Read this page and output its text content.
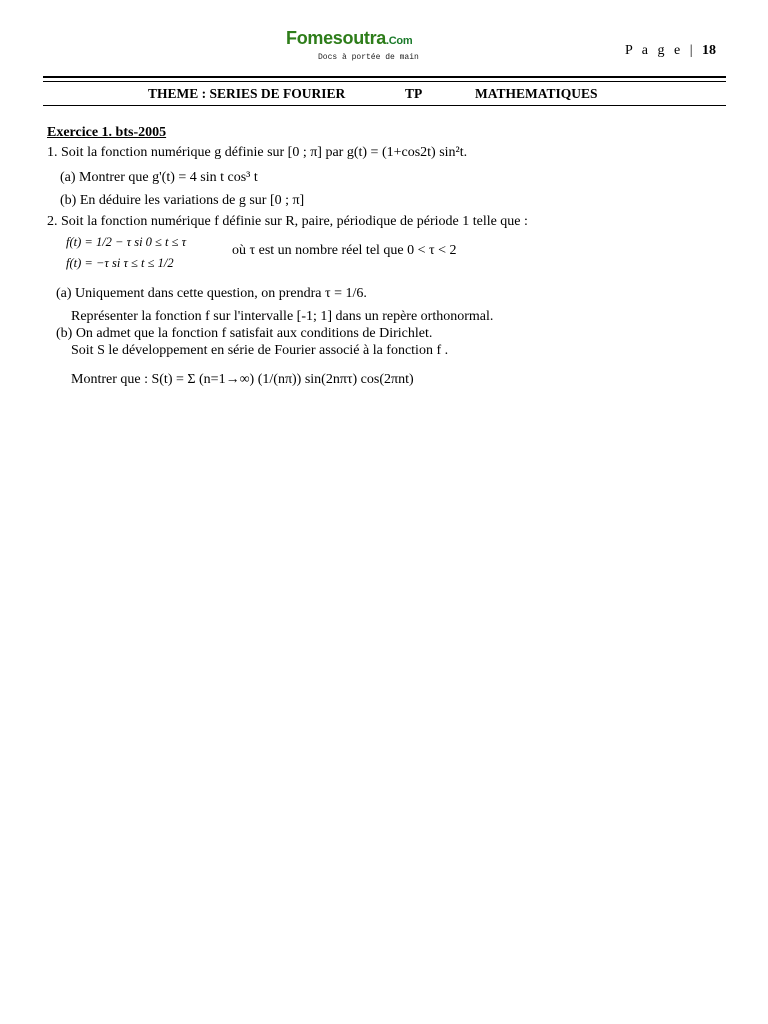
Fomesoutra.Com
Docs à portée de main	P a g e | 18
THEME : SERIES DE FOURIER	TP	MATHEMATIQUES
Exercice 1. bts-2005
1. Soit la fonction numérique g définie sur [0 ; π] par g(t) = (1+cos2t) sin²t.
(a) Montrer que g'(t) = 4 sin t cos³ t
(b) En déduire les variations de g sur [0 ; π]
2. Soit la fonction numérique f définie sur R, paire, périodique de période 1 telle que :
f(t) = 1/2 − τ si 0 ≤ t ≤ τ
f(t) = −τ si τ ≤ t ≤ 1/2
où τ est un nombre réel tel que 0 < τ < 2
(a) Uniquement dans cette question, on prendra τ = 1/6.
Représenter la fonction f sur l'intervalle [-1; 1] dans un repère orthonormal.
(b) On admet que la fonction f satisfait aux conditions de Dirichlet.
Soit S le développement en série de Fourier associé à la fonction f .
Montrer que : S(t) = Σ (n=1→∞) (1/(nπ)) sin(2nπτ) cos(2πnt)
